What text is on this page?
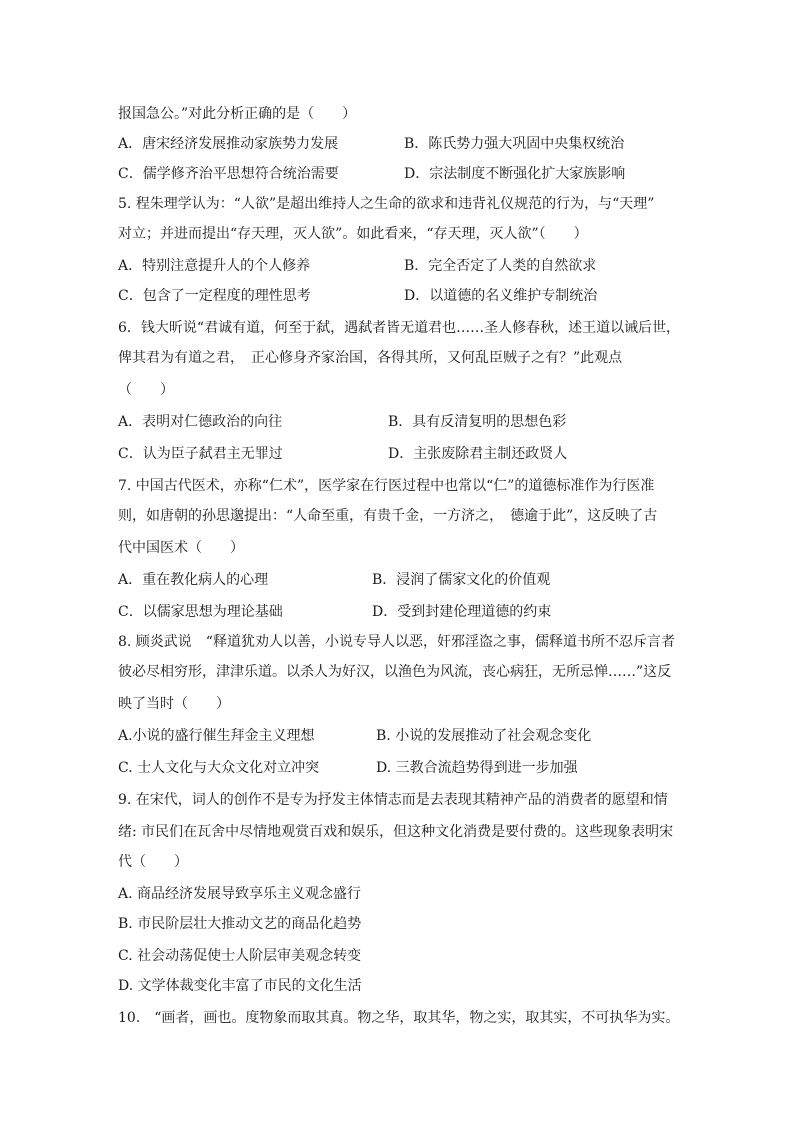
报国急公。”对此分析正确的是（　　）
A．唐宋经济发展推动家族势力发展	B．陈氏势力强大巩固中央集权统治
C．儒学修齐治平思想符合统治需要	D．宗法制度不断强化扩大家族影响
5. 程朱理学认为：“人欲”是超出维持人之生命的欲求和违背礼仪规范的行为，与“天理”
对立；并进而提出“存天理，灭人欲”。如此看来，“存天理，灭人欲”（　　）
A．特别注意提升人的个人修养	B．完全否定了人类的自然欲求
C．包含了一定程度的理性思考	D．以道德的名义维护专制统治
6．钱大昕说“君诚有道，何至于弑，遇弑者皆无道君也……圣人修春秋，述王道以诫后世，
俾其君为有道之君，　正心修身齐家治国，各得其所，又何乱臣贼子之有？”此观点
（　　）
A．表明对仁德政治的向往	B．具有反清复明的思想色彩
C．认为臣子弑君主无罪过	D．主张废除君主制还政贤人
7. 中国古代医术，亦称“仁术”，医学家在行医过程中也常以“仁”的道德标准作为行医准
则，如唐朝的孙思邈提出：“人命至重，有贵千金，一方济之，　德逾于此”，这反映了古
代中国医术（　　）
A．重在教化病人的心理	B．浸润了儒家文化的价值观
C．以儒家思想为理论基础	D．受到封建伦理道德的约束
8. 顾炎武说　“释道犹劝人以善，小说专导人以恶，奸邪淫盗之事，儒释道书所不忍斥言者
彼必尽相穷形，津津乐道。以杀人为好汉，以渔色为风流，丧心病狂，无所忌惮……”这反
映了当时（　　）
A.小说的盛行催生拜金主义理想	B. 小说的发展推动了社会观念变化
C. 士人文化与大众文化对立冲突	D. 三教合流趋势得到进一步加强
9. 在宋代，词人的创作不是专为抒发主体情志而是去表现其精神产品的消费者的愿望和情
绪: 市民们在瓦舍中尽情地观赏百戏和娱乐，但这种文化消费是要付费的。这些现象表明宋
代（　　）
A. 商品经济发展导致享乐主义观念盛行
B. 市民阶层壮大推动文艺的商品化趋势
C. 社会动荡促使士人阶层审美观念转变
D. 文学体裁变化丰富了市民的文化生活
10.　“画者，画也。度物象而取其真。物之华，取其华，物之实，取其实，不可执华为实。
